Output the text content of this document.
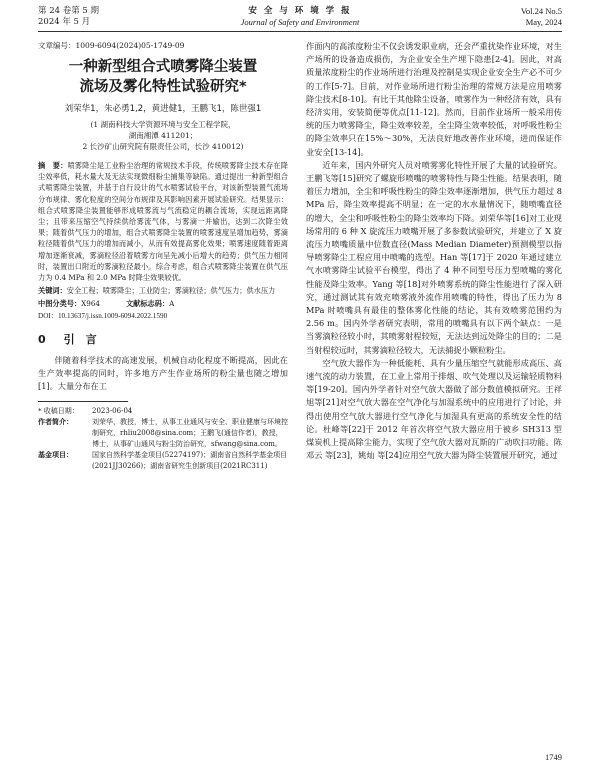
第 24 卷第 5 期
2024 年 5 月
安 全 与 环 境 学 报
Journal of Safety and Environment
Vol.24 No.5
May, 2024
文章编号：1009-6094(2024)05-1749-09
一种新型组合式喷雾降尘装置
流场及雾化特性试验研究*
刘荣华1，朱必勇1,2，黄进健1，王鹏飞1，陈世强1
(1 湖南科技大学资源环境与安全工程学院，
湖南湘潭 411201；
2 长沙矿山研究院有限责任公司，长沙 410012)
摘　要：喷雾降尘是工业粉尘治理的常规技术手段，传统喷雾降尘技术存在降尘效率低，耗水量大及无法实现微细粉尘捕集等缺陷。通过提出一种新型组合式喷雾降尘装置，并基于自行设计的气水喷雾试验平台，对该新型装置气流场分布规律、雾化粒度的空间分布规律及其影响因素开展试验研究。结果显示：组合式喷雾降尘装置能够形成喷雾流与气流稳定的耦合流场，实现远距离降尘；且带来压缩空气持续供给雾流气体，与雾滴一并输出，达到二次降尘效果；随着供气压力的增加，组合式喷雾降尘装置的喷雾速度呈增加趋势，雾滴粒径随着供气压力的增加而减小，从而有效提高雾化效果；喷雾速度随着距离增加逐渐衰减，雾滴粒径沿着喷雾方向呈先减小后增大的趋势；供气压力相同时，装置出口附近的雾滴粒径最小。综合考虑，组合式喷雾降尘装置在供气压力为 0.4 MPa 和 2.0 MPa 时降尘效果较优。
关键词：安全工程；喷雾降尘；工业防尘；雾滴粒径；供气压力；供水压力
中图分类号：X964	文献标志码：A
DOI：10.13637/j.issn.1009-6094.2022.1590
0 引　言
伴随着科学技术的高速发展，机械自动化程度不断提高，因此在生产效率提高的同时，许多地方产生作业场所的粉尘量也随之增加[1]。大量分布在工
* 收稿日期：	2023-06-04
作者简介：	刘荣华，教授，博士，从事工业通风与安全、职业健康与环境控制研究，rhliu2008@sina.com；王鹏飞(通信作者)，教授，博士，从事矿山通风与粉尘防治研究，sfwang@sina.com。
基金项目：	国家自然科学基金项目(52274197)；湖南省自然科学基金项目(2021JJ30266)；湖南省研究生创新项目(2021RC311)
作面内的高浓度粉尘不仅会诱发职业病，还会严重扰染作业环境，对生产场所的设备造成损伤，为企业安全生产埋下隐患[2-4]。因此，对高质量浓度粉尘的作业场所进行治理及控制是实现企业安全生产必不可少的工作[5-7]。目前，对作业场所进行粉尘治理的常规方法是应用喷雾降尘技术[8-10]。有比于其他除尘设备，喷雾作为一种经济有效，具有经济实用，安装简便等优点[11-12]。然而，目前作业场所一般采用传统的压力喷雾降尘，降尘效率较差，全尘降尘效率较低，对呼吸性粉尘的降尘效率只在15%～30%，无法良好地改善作业环境，进而保证作业安全[13-14]。
近年来，国内外研究人员对喷雾雾化特性开展了大量的试验研究。王鹏飞等[15]研究了螺旋形喷嘴的喷雾特性与降尘性能。结果表明，随着压力增加，全尘和呼吸性粉尘的降尘效率逐渐增加，供气压力超过 8 MPa 后，降尘效率提高不明显；在一定的水水量情况下，随喷嘴直径的增大，全尘和呼吸性粉尘的降尘效率均下降。刘荣华等[16]对工业现场常用的 6 种 X 旋流压力喷嘴开展了多参数试验研究，并建立了 X 旋流压力喷嘴质量中位数直径(Mass Median Diameter)预测模型以指导喷雾降尘工程应用中喷嘴的选型。Han 等[17]于 2020 年通过建立气水喷雾降尘试验平台模型，得出了 4 种不同型号压力型喷嘴的雾化性能及降尘效率。Yang 等[18]对外喷雾系统的降尘性能进行了深入研究，通过测试其有效充喷雾液外流作用喷嘴的特性，得出了压力为 8 MPa 时喷嘴具有最佳的整体雾化性能的结论，其有效喷雾范围约为 2.56 m。国内外学者研究表明，常用的喷嘴具有以下两个缺点：一是当雾滴粒径较小时，其喷雾射程较短，无法达到远处降尘的目的；二是当射程较远时，其雾滴粒径较大，无法捕捉小颗粒粉尘。
空气放大器作为一种低能耗、具有少量压缩空气就能形成高压、高速气流的动力装置，在工业上常用于排烟、吹气处理以及运输轻质物料等[19-20]。国内外学者针对空气放大器做了部分数值模拟研究。王祥旭等[21]对空气放大器在空气净化与加湿系统中的应用进行了讨论，并得出使用空气放大器进行空气净化与加湿具有更高的系统安全性的结论。杜峰等[22]于 2012 年首次将空气放大器应用于被乡 SH313 型煤炭机上提高除尘能力，实现了空气放大器对瓦斯的广动吹扫功能。陈 邓云 等[23]，姚灿 等[24]应用空气放大器为降尘装置展开研究，通过
1749
